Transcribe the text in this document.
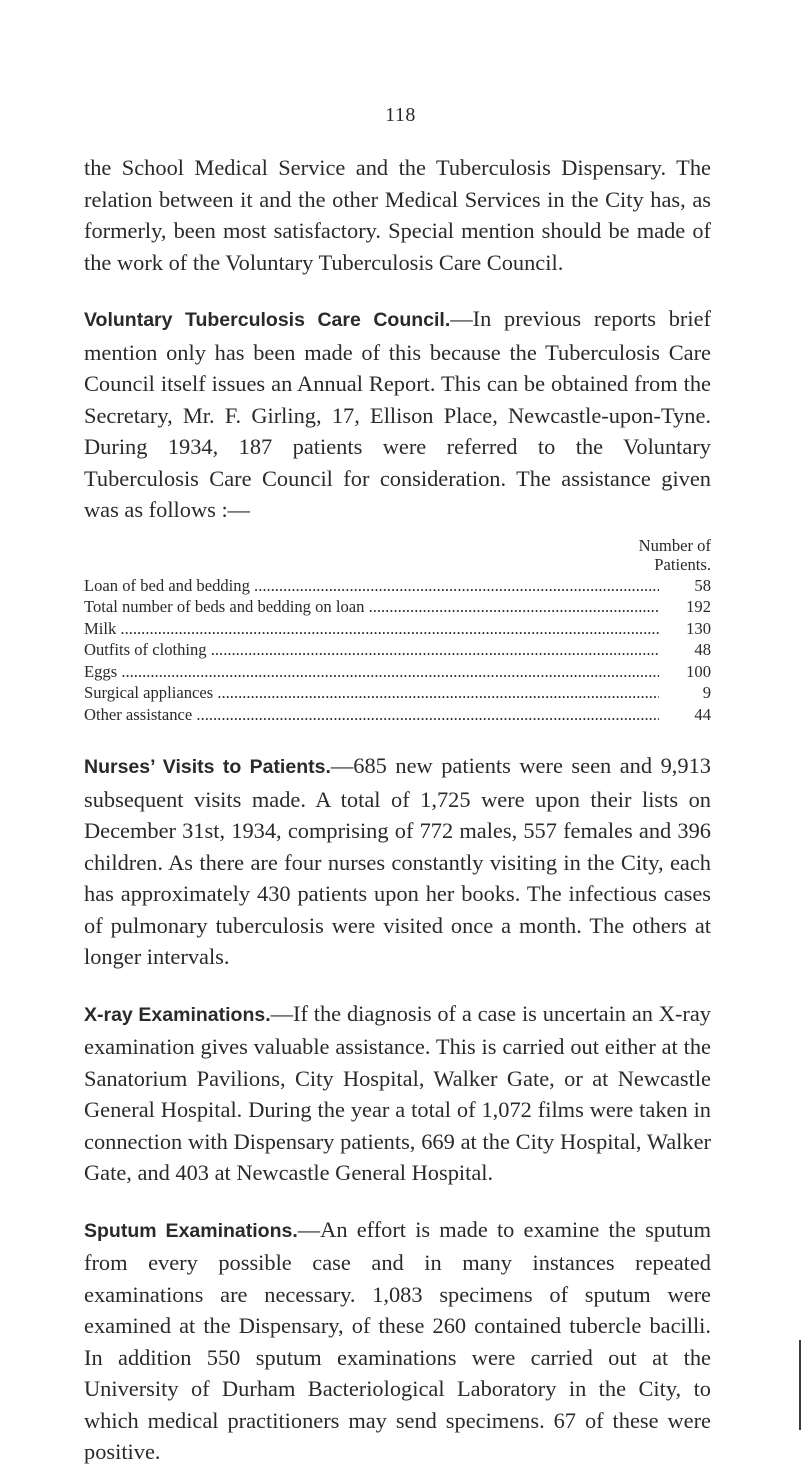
118

the School Medical Service and the Tuberculosis Dispensary. The relation between it and the other Medical Services in the City has, as formerly, been most satisfactory. Special mention should be made of the work of the Voluntary Tuberculosis Care Council.

Voluntary Tuberculosis Care Council.—In previous reports brief mention only has been made of this because the Tuberculosis Care Council itself issues an Annual Report. This can be obtained from the Secretary, Mr. F. Girling, 17, Ellison Place, Newcastle-upon-Tyne. During 1934, 187 patients were referred to the Voluntary Tuberculosis Care Council for consideration. The assistance given was as follows :—

Number of
Patients.
Loan of bed and bedding .....	58
Total number of beds and bedding on loan .....	192
Milk .....	130
Outfits of clothing .....	48
Eggs .....	100
Surgical appliances .....	9
Other assistance .....	44

Nurses’ Visits to Patients.—685 new patients were seen and 9,913 subsequent visits made. A total of 1,725 were upon their lists on December 31st, 1934, comprising of 772 males, 557 females and 396 children. As there are four nurses constantly visiting in the City, each has approximately 430 patients upon her books. The infectious cases of pulmonary tuberculosis were visited once a month. The others at longer intervals.

X-ray Examinations.—If the diagnosis of a case is uncertain an X-ray examination gives valuable assistance. This is carried out either at the Sanatorium Pavilions, City Hospital, Walker Gate, or at Newcastle General Hospital. During the year a total of 1,072 films were taken in connection with Dispensary patients, 669 at the City Hospital, Walker Gate, and 403 at Newcastle General Hospital.

Sputum Examinations.—An effort is made to examine the sputum from every possible case and in many instances repeated examinations are necessary. 1,083 specimens of sputum were examined at the Dispensary, of these 260 contained tubercle bacilli. In addition 550 sputum examinations were carried out at the University of Durham Bacteriological Laboratory in the City, to which medical practitioners may send specimens. 67 of these were positive.
